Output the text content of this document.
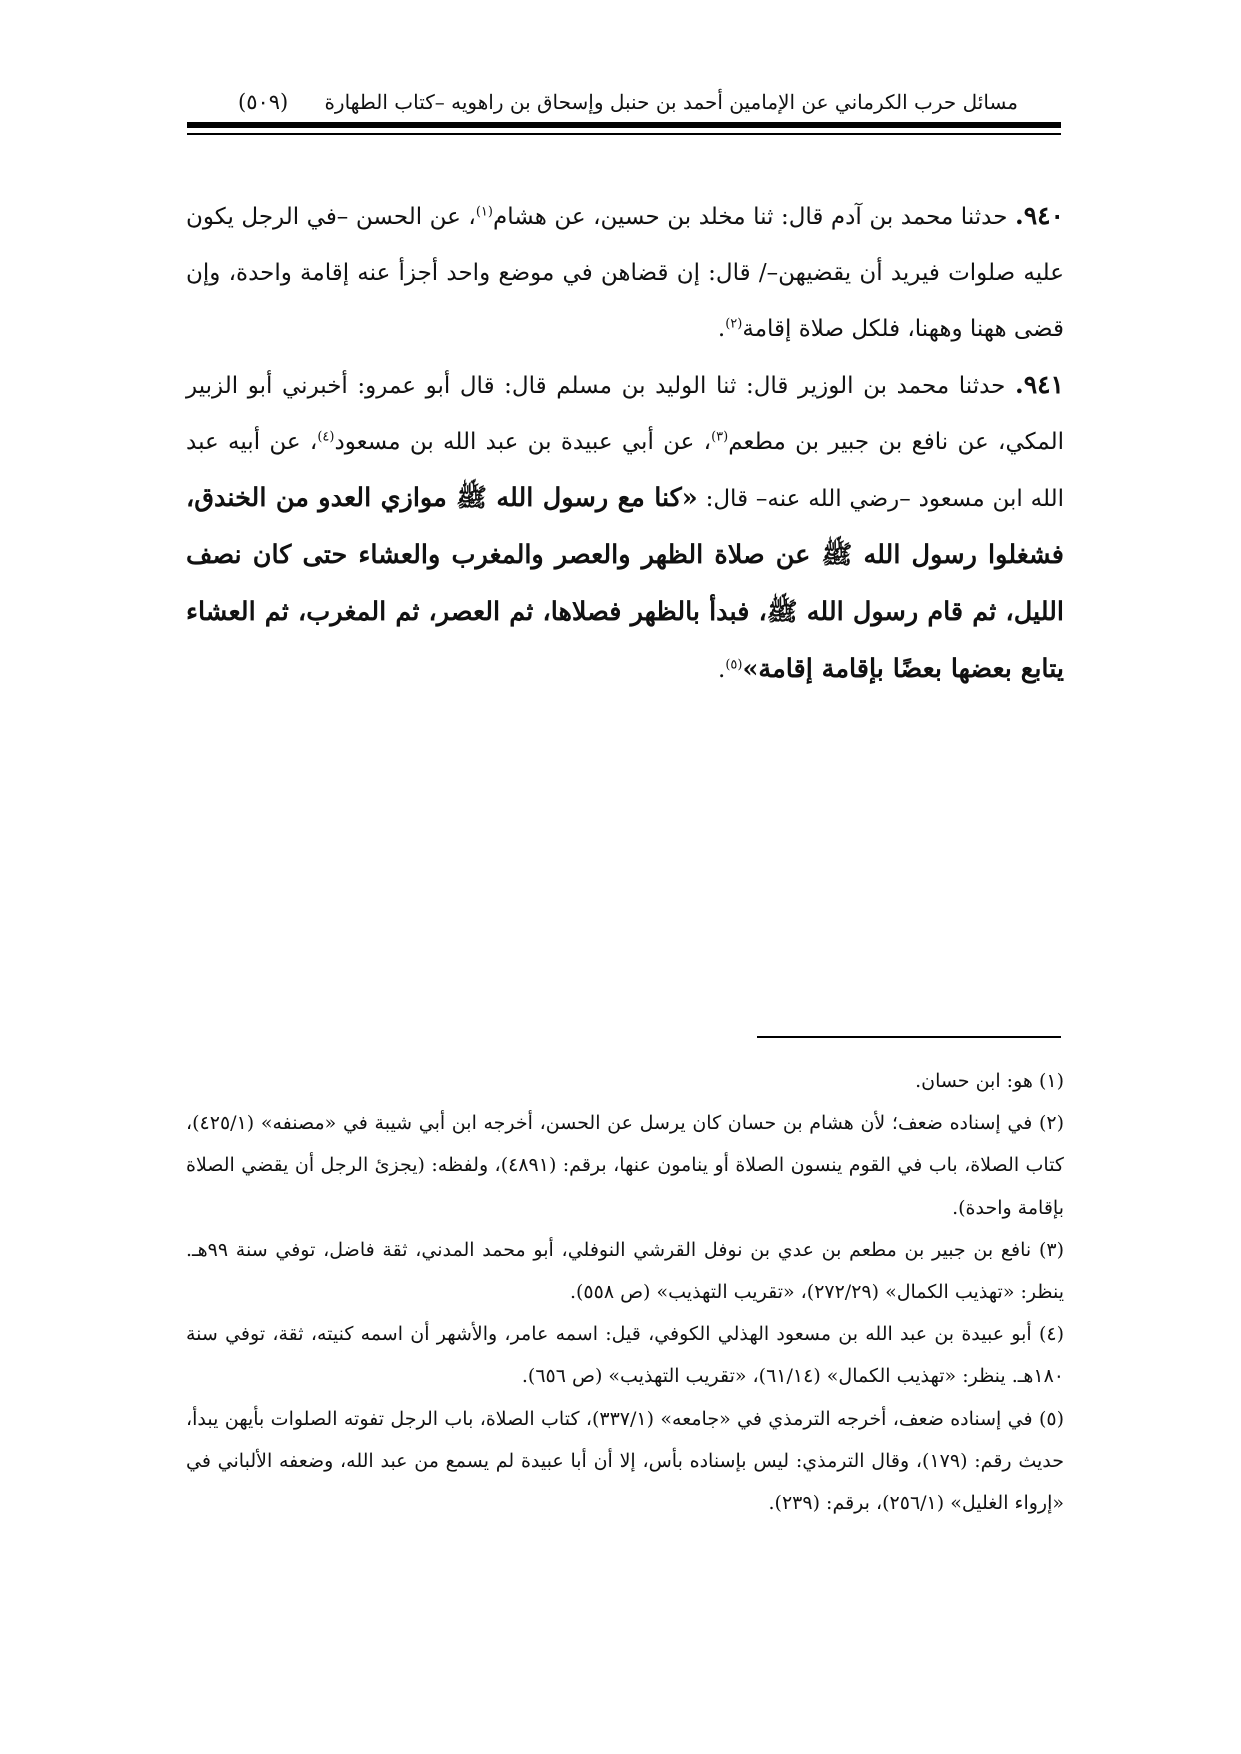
مسائل حرب الكرماني عن الإمامين أحمد بن حنبل وإسحاق بن راهويه –كتاب الطهارة
(٥٠٩)

٩٤٠. حدثنا محمد بن آدم قال: ثنا مخلد بن حسين، عن هشام$^{(١)}$، عن الحسن –في الرجل يكون عليه صلوات فيريد أن يقضيهن–/ قال: إن قضاهن في موضع واحد أجزأ عنه إقامة واحدة، وإن قضى ههنا وههنا، فلكل صلاة إقامة$^{(٢)}$.

٩٤١. حدثنا محمد بن الوزير قال: ثنا الوليد بن مسلم قال: قال أبو عمرو: أخبرني أبو الزبير المكي، عن نافع بن جبير بن مطعم$^{(٣)}$، عن أبي عبيدة بن عبد الله بن مسعود$^{(٤)}$، عن أبيه عبد الله ابن مسعود –رضي الله عنه– قال: «كنا مع رسول الله ﷺ موازي العدو من الخندق، فشغلوا رسول الله ﷺ عن صلاة الظهر والعصر والمغرب والعشاء حتى كان نصف الليل، ثم قام رسول الله ﷺ، فبدأ بالظهر فصلاها، ثم العصر، ثم المغرب، ثم العشاء يتابع بعضها بعضًا بإقامة إقامة»$^{(٥)}$.

(١) هو: ابن حسان.

(٢) في إسناده ضعف؛ لأن هشام بن حسان كان يرسل عن الحسن، أخرجه ابن أبي شيبة في «مصنفه» (٤٢٥/١)، كتاب الصلاة، باب في القوم ينسون الصلاة أو ينامون عنها، برقم: (٤٨٩١)، ولفظه: (يجزئ الرجل أن يقضي الصلاة بإقامة واحدة).

(٣) نافع بن جبير بن مطعم بن عدي بن نوفل القرشي النوفلي، أبو محمد المدني، ثقة فاضل، توفي سنة ٩٩هـ. ينظر: «تهذيب الكمال» (٢٧٢/٢٩)، «تقريب التهذيب» (ص ٥٥٨).

(٤) أبو عبيدة بن عبد الله بن مسعود الهذلي الكوفي، قيل: اسمه عامر، والأشهر أن اسمه كنيته، ثقة، توفي سنة ١٨٠هـ. ينظر: «تهذيب الكمال» (٦١/١٤)، «تقريب التهذيب» (ص ٦٥٦).

(٥) في إسناده ضعف، أخرجه الترمذي في «جامعه» (٣٣٧/١)، كتاب الصلاة، باب الرجل تفوته الصلوات بأيهن يبدأ، حديث رقم: (١٧٩)، وقال الترمذي: ليس بإسناده بأس، إلا أن أبا عبيدة لم يسمع من عبد الله، وضعفه الألباني في «إرواء الغليل» (٢٥٦/١)، برقم: (٢٣٩).
